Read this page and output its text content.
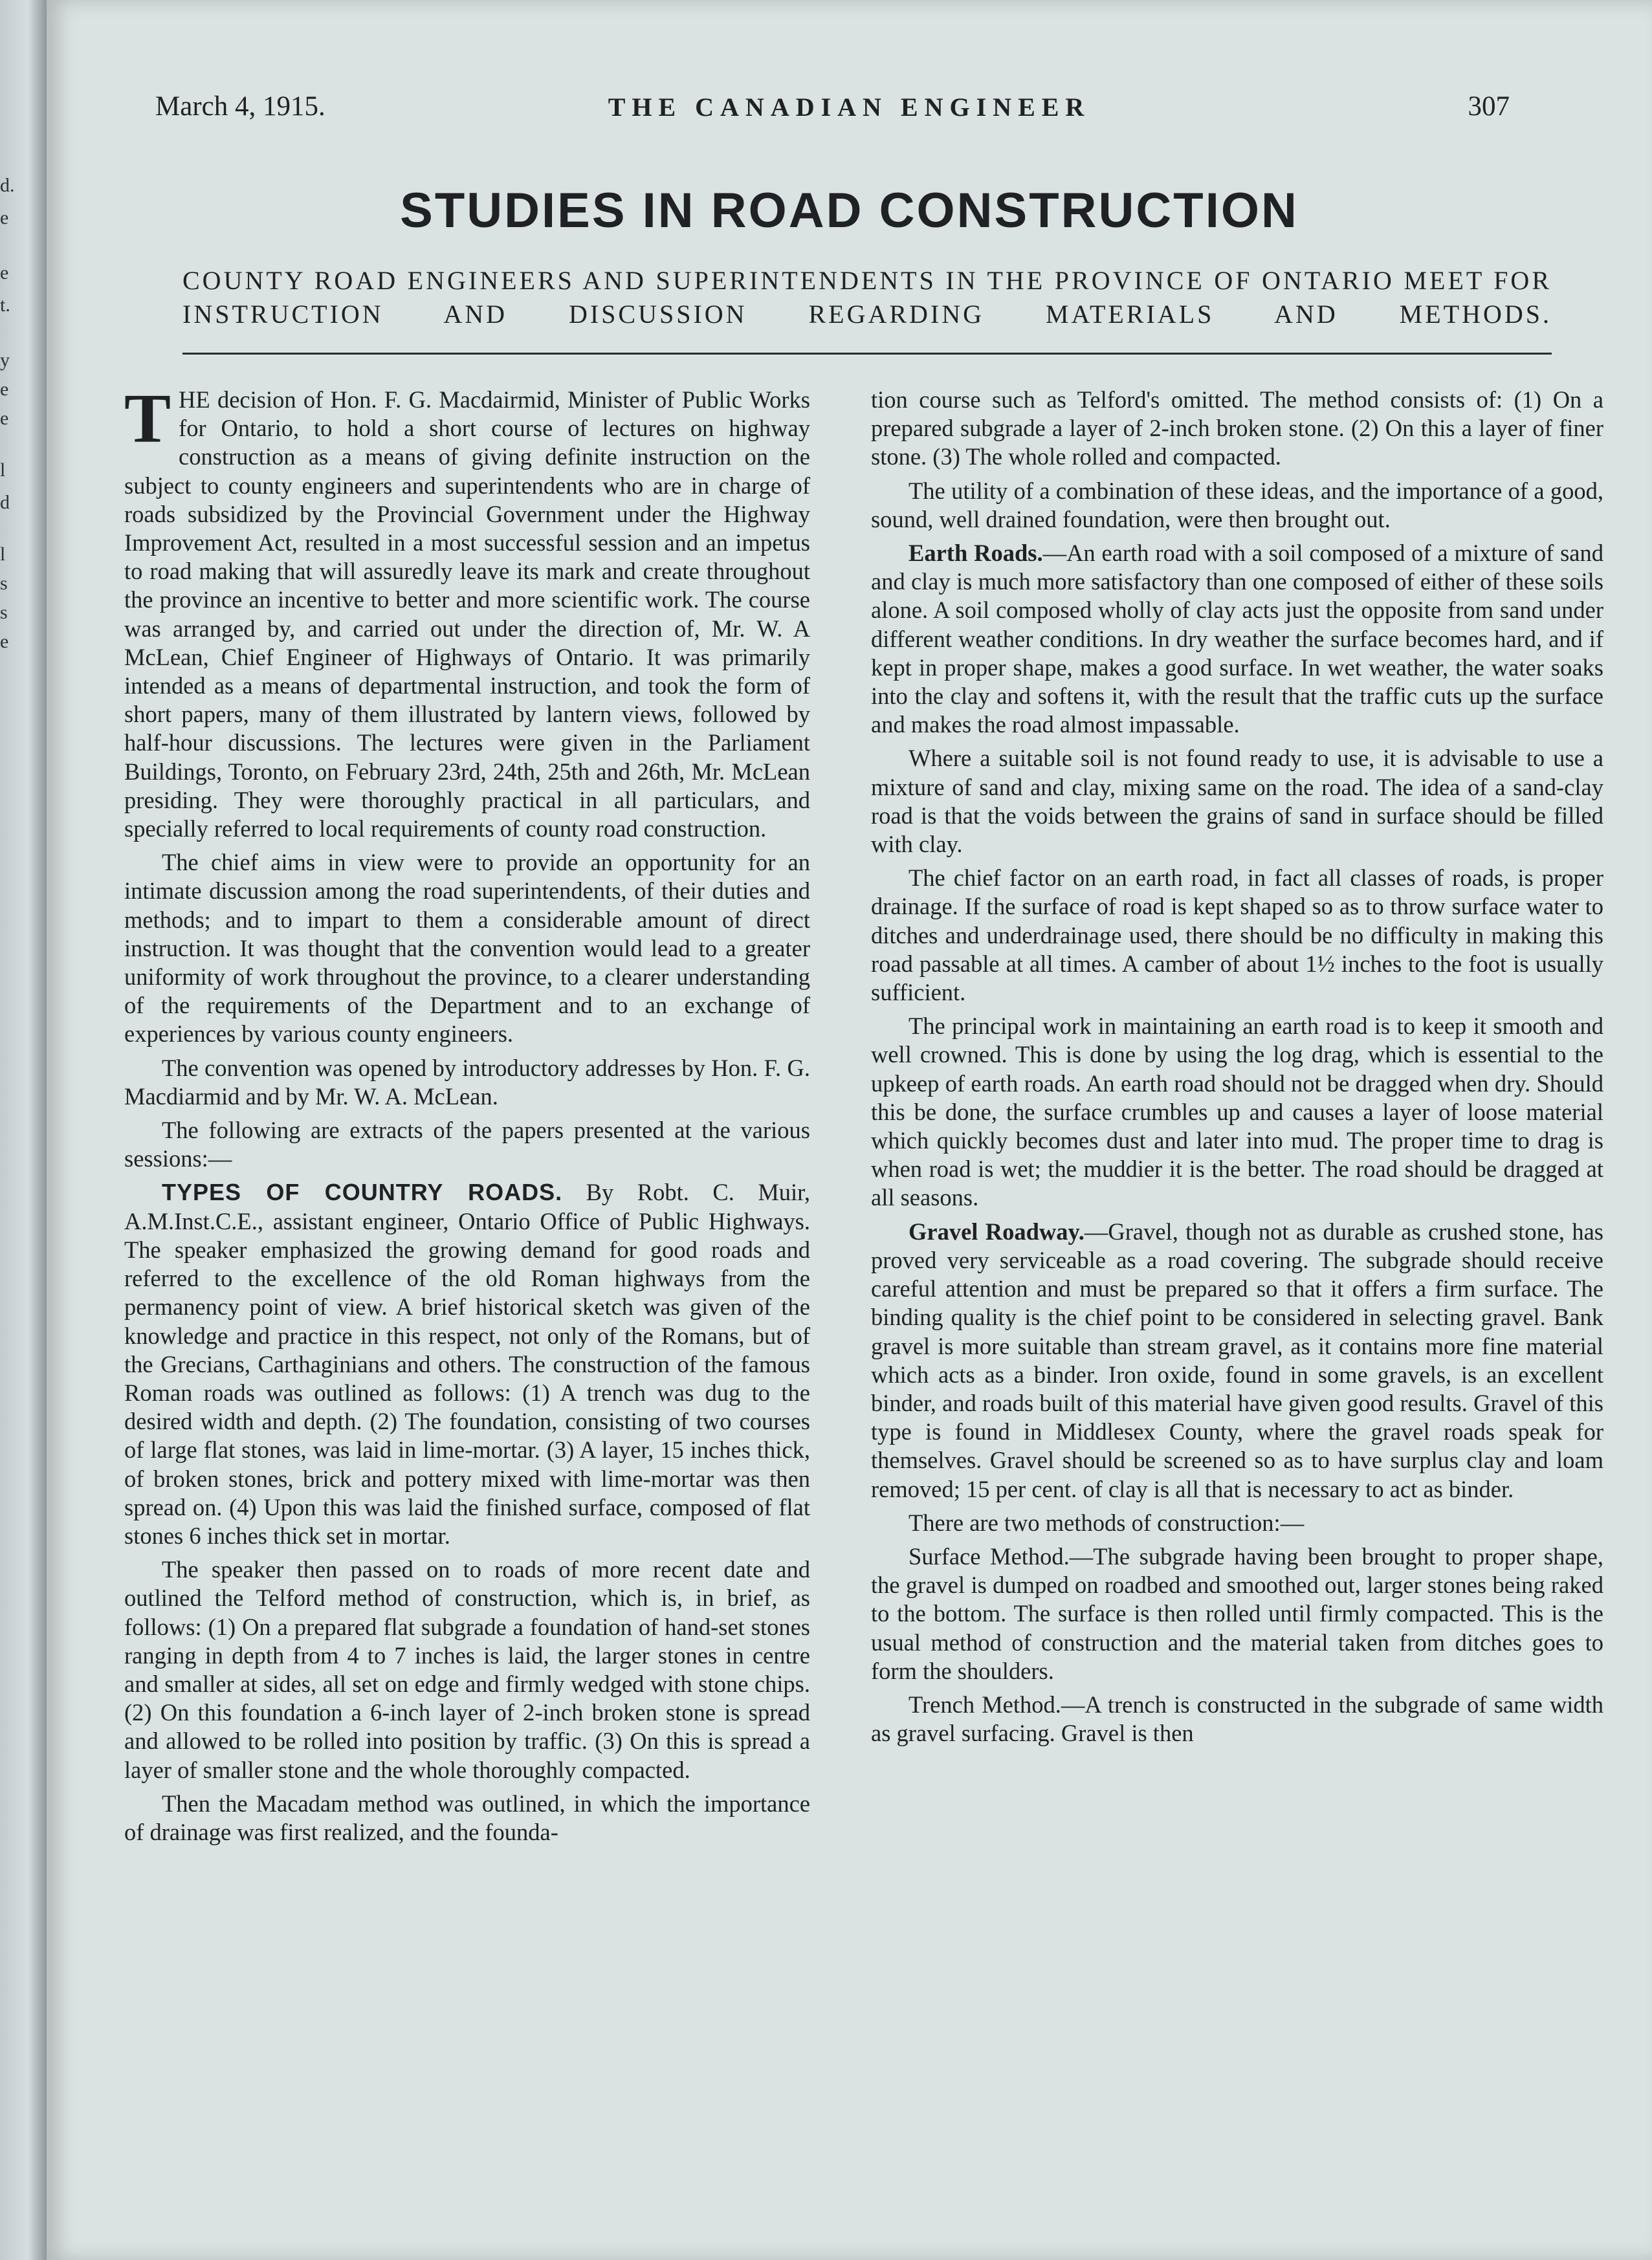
d.
e
e
t.
y
e
e
l
d
l
s
s
e
March 4, 1915.	THE CANADIAN ENGINEER	307
STUDIES IN ROAD CONSTRUCTION

COUNTY ROAD ENGINEERS AND SUPERINTENDENTS IN THE PROVINCE OF ONTARIO MEET FOR INSTRUCTION AND DISCUSSION REGARDING MATERIALS AND METHODS.

THE decision of Hon. F. G. Macdairmid, Minister of Public Works for Ontario, to hold a short course of lectures on highway construction as a means of giving definite instruction on the subject to county engineers and superintendents who are in charge of roads subsidized by the Provincial Government under the Highway Improvement Act, resulted in a most successful session and an impetus to road making that will assuredly leave its mark and create throughout the province an incentive to better and more scientific work. The course was arranged by, and carried out under the direction of, Mr. W. A McLean, Chief Engineer of Highways of Ontario. It was primarily intended as a means of departmental instruction, and took the form of short papers, many of them illustrated by lantern views, followed by half-hour discussions. The lectures were given in the Parliament Buildings, Toronto, on February 23rd, 24th, 25th and 26th, Mr. McLean presiding. They were thoroughly practical in all particulars, and specially referred to local requirements of county road construction.

The chief aims in view were to provide an opportunity for an intimate discussion among the road superintendents, of their duties and methods; and to impart to them a considerable amount of direct instruction. It was thought that the convention would lead to a greater uniformity of work throughout the province, to a clearer understanding of the requirements of the Department and to an exchange of experiences by various county engineers.

The convention was opened by introductory addresses by Hon. F. G. Macdiarmid and by Mr. W. A. McLean.

The following are extracts of the papers presented at the various sessions:—

TYPES OF COUNTRY ROADS. By Robt. C. Muir, A.M.Inst.C.E., assistant engineer, Ontario Office of Public Highways. The speaker emphasized the growing demand for good roads and referred to the excellence of the old Roman highways from the permanency point of view. A brief historical sketch was given of the knowledge and practice in this respect, not only of the Romans, but of the Grecians, Carthaginians and others. The construction of the famous Roman roads was outlined as follows: (1) A trench was dug to the desired width and depth. (2) The foundation, consisting of two courses of large flat stones, was laid in lime-mortar. (3) A layer, 15 inches thick, of broken stones, brick and pottery mixed with lime-mortar was then spread on. (4) Upon this was laid the finished surface, composed of flat stones 6 inches thick set in mortar.

The speaker then passed on to roads of more recent date and outlined the Telford method of construction, which is, in brief, as follows: (1) On a prepared flat subgrade a foundation of hand-set stones ranging in depth from 4 to 7 inches is laid, the larger stones in centre and smaller at sides, all set on edge and firmly wedged with stone chips. (2) On this foundation a 6-inch layer of 2-inch broken stone is spread and allowed to be rolled into position by traffic. (3) On this is spread a layer of smaller stone and the whole thoroughly compacted.

Then the Macadam method was outlined, in which the importance of drainage was first realized, and the founda-

tion course such as Telford's omitted. The method consists of: (1) On a prepared subgrade a layer of 2-inch broken stone. (2) On this a layer of finer stone. (3) The whole rolled and compacted.

The utility of a combination of these ideas, and the importance of a good, sound, well drained foundation, were then brought out.

Earth Roads.—An earth road with a soil composed of a mixture of sand and clay is much more satisfactory than one composed of either of these soils alone. A soil composed wholly of clay acts just the opposite from sand under different weather conditions. In dry weather the surface becomes hard, and if kept in proper shape, makes a good surface. In wet weather, the water soaks into the clay and softens it, with the result that the traffic cuts up the surface and makes the road almost impassable.

Where a suitable soil is not found ready to use, it is advisable to use a mixture of sand and clay, mixing same on the road. The idea of a sand-clay road is that the voids between the grains of sand in surface should be filled with clay.

The chief factor on an earth road, in fact all classes of roads, is proper drainage. If the surface of road is kept shaped so as to throw surface water to ditches and underdrainage used, there should be no difficulty in making this road passable at all times. A camber of about 1½ inches to the foot is usually sufficient.

The principal work in maintaining an earth road is to keep it smooth and well crowned. This is done by using the log drag, which is essential to the upkeep of earth roads. An earth road should not be dragged when dry. Should this be done, the surface crumbles up and causes a layer of loose material which quickly becomes dust and later into mud. The proper time to drag is when road is wet; the muddier it is the better. The road should be dragged at all seasons.

Gravel Roadway.—Gravel, though not as durable as crushed stone, has proved very serviceable as a road covering. The subgrade should receive careful attention and must be prepared so that it offers a firm surface. The binding quality is the chief point to be considered in selecting gravel. Bank gravel is more suitable than stream gravel, as it contains more fine material which acts as a binder. Iron oxide, found in some gravels, is an excellent binder, and roads built of this material have given good results. Gravel of this type is found in Middlesex County, where the gravel roads speak for themselves. Gravel should be screened so as to have surplus clay and loam removed; 15 per cent. of clay is all that is necessary to act as binder.

There are two methods of construction:—

Surface Method.—The subgrade having been brought to proper shape, the gravel is dumped on roadbed and smoothed out, larger stones being raked to the bottom. The surface is then rolled until firmly compacted. This is the usual method of construction and the material taken from ditches goes to form the shoulders.

Trench Method.—A trench is constructed in the subgrade of same width as gravel surfacing. Gravel is then
